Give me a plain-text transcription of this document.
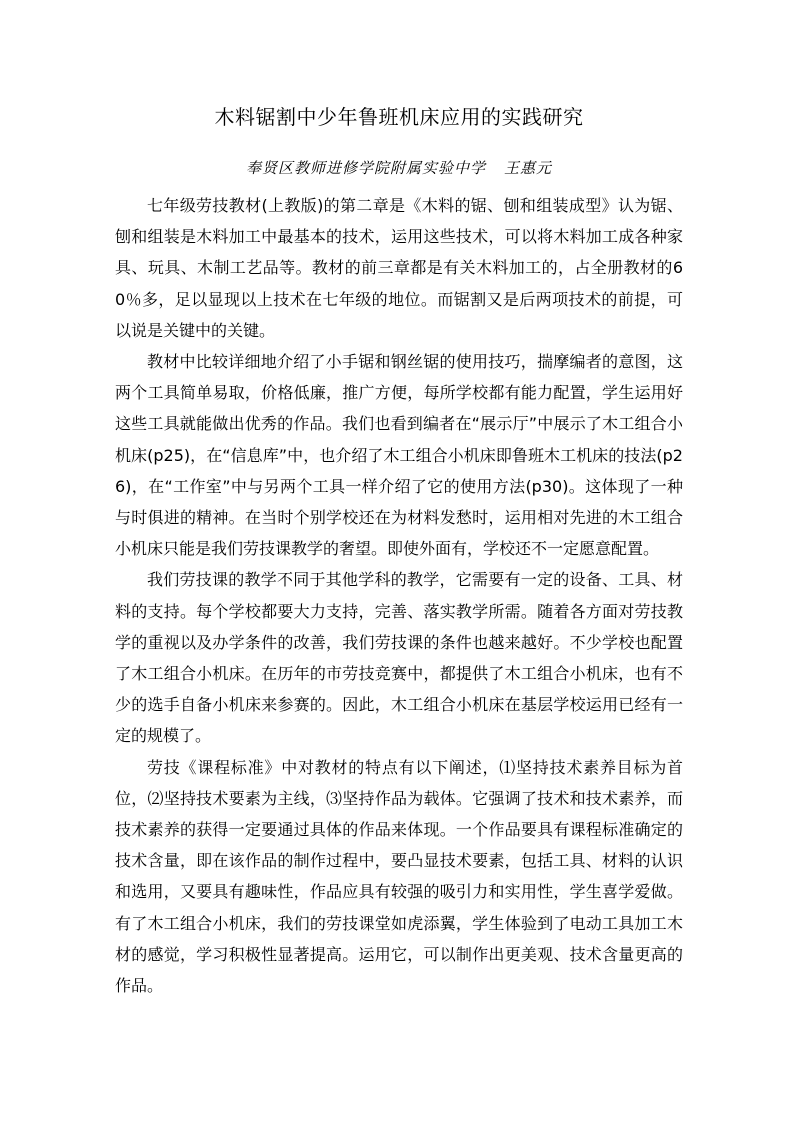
木料锯割中少年鲁班机床应用的实践研究
奉贤区教师进修学院附属实验中学 王惠元

七年级劳技教材(上教版)的第二章是《木料的锯、刨和组装成型》认为锯、刨和组装是木料加工中最基本的技术，运用这些技术，可以将木料加工成各种家具、玩具、木制工艺品等。教材的前三章都是有关木料加工的，占全册教材的60％多，足以显现以上技术在七年级的地位。而锯割又是后两项技术的前提，可以说是关键中的关键。

教材中比较详细地介绍了小手锯和钢丝锯的使用技巧，揣摩编者的意图，这两个工具简单易取，价格低廉，推广方便，每所学校都有能力配置，学生运用好这些工具就能做出优秀的作品。我们也看到编者在“展示厅”中展示了木工组合小机床(p25)，在“信息库”中，也介绍了木工组合小机床即鲁班木工机床的技法(p26)，在“工作室”中与另两个工具一样介绍了它的使用方法(p30)。这体现了一种与时俱进的精神。在当时个别学校还在为材料发愁时，运用相对先进的木工组合小机床只能是我们劳技课教学的奢望。即使外面有，学校还不一定愿意配置。

我们劳技课的教学不同于其他学科的教学，它需要有一定的设备、工具、材料的支持。每个学校都要大力支持，完善、落实教学所需。随着各方面对劳技教学的重视以及办学条件的改善，我们劳技课的条件也越来越好。不少学校也配置了木工组合小机床。在历年的市劳技竞赛中，都提供了木工组合小机床，也有不少的选手自备小机床来参赛的。因此，木工组合小机床在基层学校运用已经有一定的规模了。

劳技《课程标准》中对教材的特点有以下阐述，⑴坚持技术素养目标为首位，⑵坚持技术要素为主线，⑶坚持作品为载体。它强调了技术和技术素养，而技术素养的获得一定要通过具体的作品来体现。一个作品要具有课程标准确定的技术含量，即在该作品的制作过程中，要凸显技术要素，包括工具、材料的认识和选用，又要具有趣味性，作品应具有较强的吸引力和实用性，学生喜学爱做。有了木工组合小机床，我们的劳技课堂如虎添翼，学生体验到了电动工具加工木材的感觉，学习积极性显著提高。运用它，可以制作出更美观、技术含量更高的作品。
